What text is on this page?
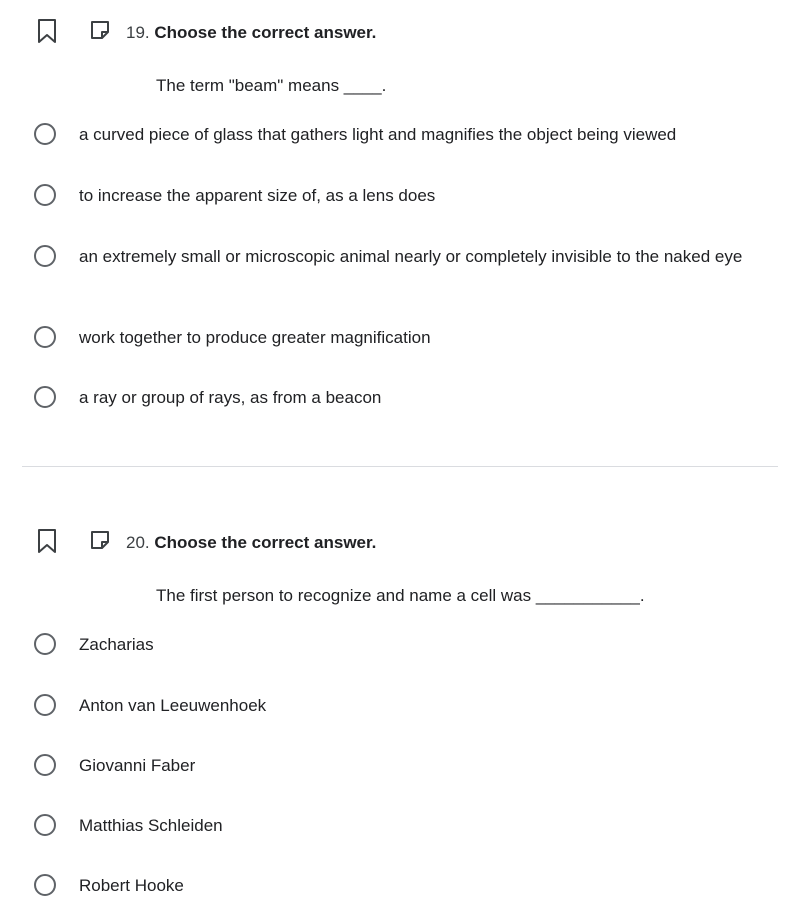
19. Choose the correct answer.
The term "beam" means ____.
a curved piece of glass that gathers light and magnifies the object being viewed
to increase the apparent size of, as a lens does
an extremely small or microscopic animal nearly or completely invisible to the naked eye
work together to produce greater magnification
a ray or group of rays, as from a beacon
20. Choose the correct answer.
The first person to recognize and name a cell was ___________.
Zacharias
Anton van Leeuwenhoek
Giovanni Faber
Matthias Schleiden
Robert Hooke
